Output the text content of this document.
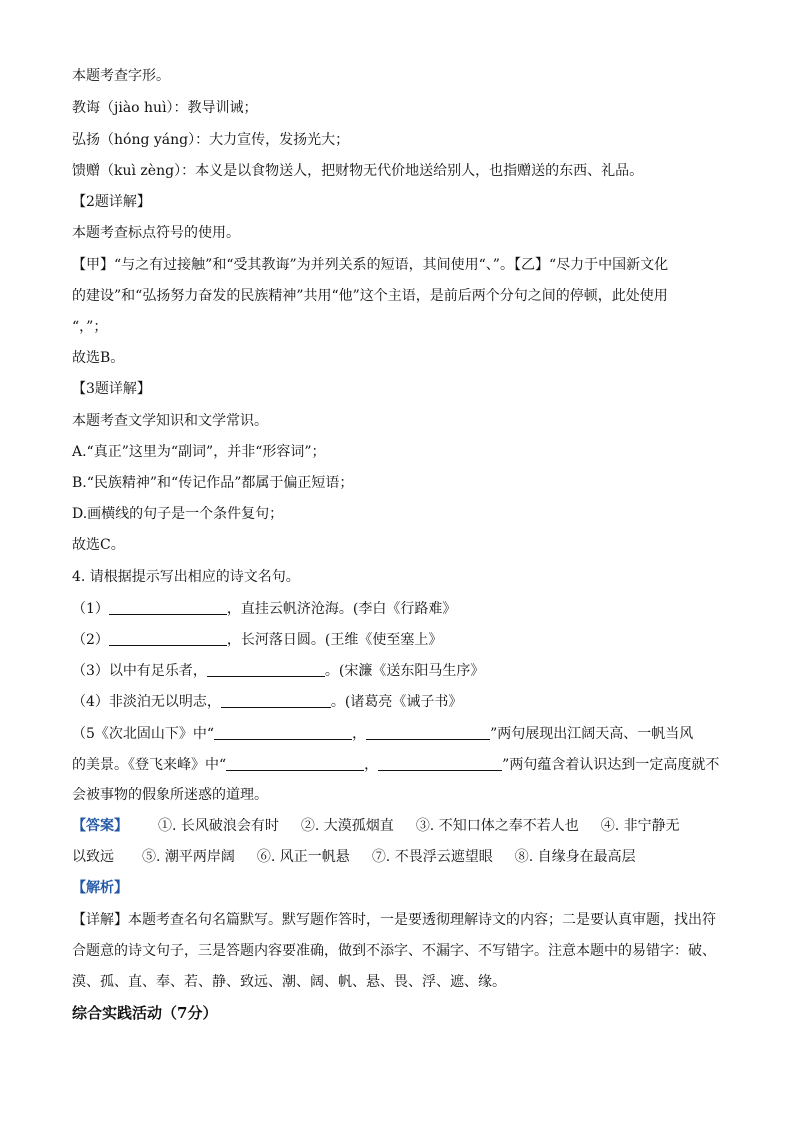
本题考查字形。
教诲（jiào huì）：教导训诫；
弘扬（hóng yáng）：大力宣传，发扬光大；
馈赠（kuì zèng）：本义是以食物送人，把财物无代价地送给别人，也指赠送的东西、礼品。
【2题详解】
本题考查标点符号的使用。
【甲】“与之有过接触”和“受其教诲”为并列关系的短语，其间使用“、”。【乙】“尽力于中国新文化
的建设”和“弘扬努力奋发的民族精神”共用“他”这个主语，是前后两个分句之间的停顿，此处使用
“，”；
故选B。
【3题详解】
本题考查文学知识和文学常识。
A.“真正”这里为“副词”，并非“形容词”；
B.“民族精神”和“传记作品”都属于偏正短语；
D.画横线的句子是一个条件复句；
故选C。
4. 请根据提示写出相应的诗文名句。
（1）	，直挂云帆济沧海。(李白《行路难》
（2）	，长河落日圆。(王维《使至塞上》
（3）以中有足乐者，	。(宋濂《送东阳马生序》
（4）非淡泊无以明志，	。(诸葛亮《诫子书》
（5《次北固山下》中“	，	”两句展现出江阔天高、一帆当风
的美景。《登飞来峰》中“	，	”两句蕴含着认识达到一定高度就不
会被事物的假象所迷惑的道理。
【答案】 ①. 长风破浪会有时 ②. 大漠孤烟直 ③. 不知口体之奉不若人也 ④. 非宁静无
以致远 ⑤. 潮平两岸阔 ⑥. 风正一帆悬 ⑦. 不畏浮云遮望眼 ⑧. 自缘身在最高层
【解析】
【详解】本题考查名句名篇默写。默写题作答时，一是要透彻理解诗文的内容；二是要认真审题，找出符
合题意的诗文句子，三是答题内容要准确，做到不添字、不漏字、不写错字。注意本题中的易错字：破、
漠、孤、直、奉、若、静、致远、潮、阔、帆、悬、畏、浮、遮、缘。
综合实践活动（7分）
